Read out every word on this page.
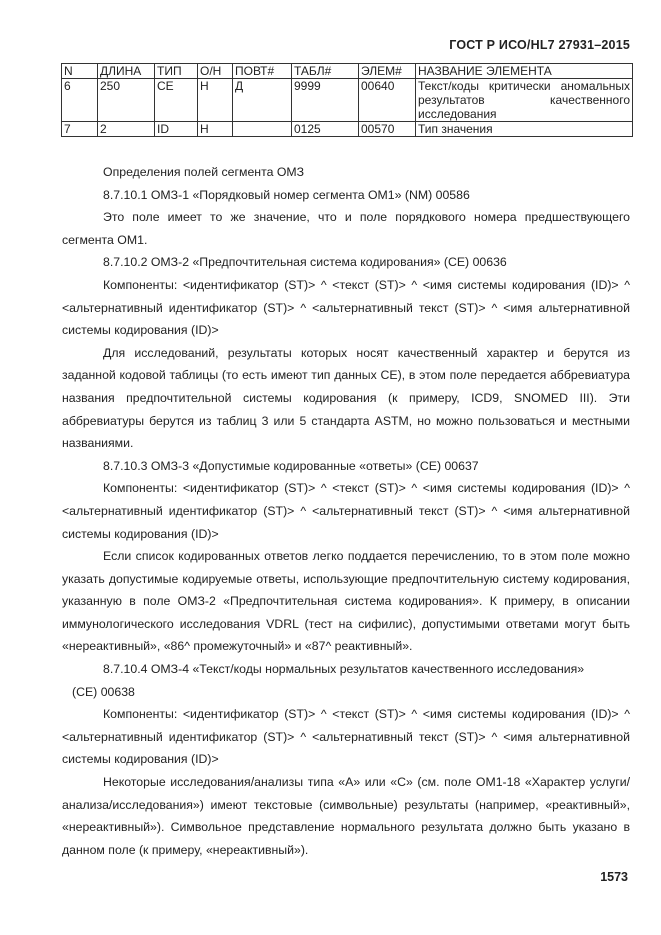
ГОСТ Р ИСО/HL7 27931–2015
N	ДЛИНА	ТИП	О/Н	ПОВТ#	ТАБЛ#	ЭЛЕМ#	НАЗВАНИЕ ЭЛЕМЕНТА
6	250	CE	Н	Д	9999	00640	Текст/коды критически аномальных результатов качественного исследования
7	2	ID	Н		0125	00570	Тип значения

Определения полей сегмента ОМЗ

8.7.10.1 ОМЗ-1 «Порядковый номер сегмента ОМ1» (NM) 00586

Это поле имеет то же значение, что и поле порядкового номера предшествующего сегмента ОМ1.

8.7.10.2 ОМЗ-2 «Предпочтительная система кодирования» (CE) 00636

Компоненты: <идентификатор (ST)> ^ <текст (ST)> ^ <имя системы кодирования (ID)> ^ <альтернативный идентификатор (ST)> ^ <альтернативный текст (ST)> ^ <имя альтернативной системы кодирования (ID)>

Для исследований, результаты которых носят качественный характер и берутся из заданной кодовой таблицы (то есть имеют тип данных CE), в этом поле передается аббревиатура названия предпочтительной системы кодирования (к примеру, ICD9, SNOMED III). Эти аббревиатуры берутся из таблиц 3 или 5 стандарта ASTM, но можно пользоваться и местными названиями.

8.7.10.3 ОМЗ-3 «Допустимые кодированные «ответы» (CE) 00637

Компоненты: <идентификатор (ST)> ^ <текст (ST)> ^ <имя системы кодирования (ID)> ^ <альтернативный идентификатор (ST)> ^ <альтернативный текст (ST)> ^ <имя альтернативной системы кодирования (ID)>

Если список кодированных ответов легко поддается перечислению, то в этом поле можно указать допустимые кодируемые ответы, использующие предпочтительную систему кодирования, указанную в поле ОМЗ-2 «Предпочтительная система кодирования». К примеру, в описании иммунологического исследования VDRL (тест на сифилис), допустимыми ответами могут быть «нереактивный», «86^ промежуточный» и «87^ реактивный».

8.7.10.4 ОМЗ-4 «Текст/коды нормальных результатов качественного исследования»

(CE) 00638

Компоненты: <идентификатор (ST)> ^ <текст (ST)> ^ <имя системы кодирования (ID)> ^ <альтернативный идентификатор (ST)> ^ <альтернативный текст (ST)> ^ <имя альтернативной системы кодирования (ID)>

Некоторые исследования/анализы типа «А» или «С» (см. поле ОМ1-18 «Характер услуги/анализа/исследования») имеют текстовые (символьные) результаты (например, «реактивный», «нереактивный»). Символьное представление нормального результата должно быть указано в данном поле (к примеру, «нереактивный»).

1573
